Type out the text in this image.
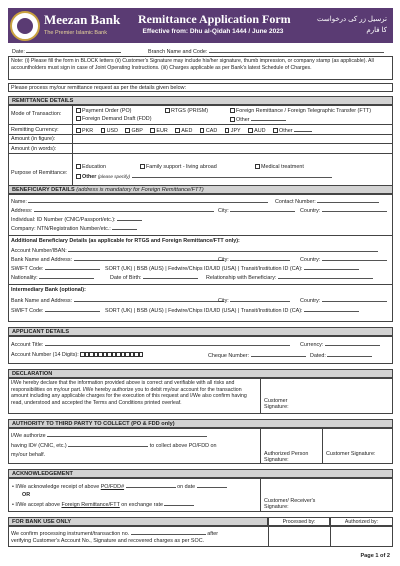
Meezan Bank
The Premier Islamic Bank
Remittance Application Form
Effective from: Dhu al-Qidah 1444 / June 2023
ترسیل زر کی درخواست
کا فارم
Date:	Branch Name and Code:
Note: (i) Please fill the form in BLOCK letters (ii) Customer's Signature may include his/her signature, thumb impression, or company stamp (as applicable). All accountholders must sign in case of Joint Operating Instructions. (iii) Charges applicable as per Bank's latest Schedule of Charges.
Please process my/our remittance request as per the details given below:
REMITTANCE DETAILS
Mode of Transaction:	Payment Order (PO)	RTGS (PRISM)	Foreign Remittance / Foreign Telegraphic Transfer (FTT)
Foreign Demand Draft (FDD)	Other
Remitting Currency:	PKR	USD	GBP	EUR	AED	CAD	JPY	AUD	Other
Amount (in figure):
Amount (in words):
Purpose of Remittance:
Education	Family support - living abroad	Medical treatment
Other (please specify)
BENEFICIARY DETAILS (address is mandatory for Foreign Remittance/FTT)
Name:	Contact Number:
Address:	City:	Country:
Individual: ID Number (CNIC/Passport/etc.):
Company: NTN/Registration Number/etc.:
Additional Beneficiary Details (as applicable for RTGS and Foreign Remittance/FTT only):
Account Number/IBAN:
Bank Name and Address:	City:	Country:
SWIFT Code:	SORT (UK) | BSB (AUS) | Fedwire/Chips ID/UID (USA) | Transit/Institution ID (CA):
Nationality:	Date of Birth:	Relationship with Beneficiary:
Intermediary Bank (optional):
Bank Name and Address:	City:	Country:
SWIFT Code:	SORT (UK) | BSB (AUS) | Fedwire/Chips ID/UID (USA) | Transit/Institution ID (CA):
APPLICANT DETAILS
Account Title:	Currency:
Account Number (14 Digits):	Cheque Number:	Dated:
DECLARATION
I/We hereby declare that the information provided above is correct and verifiable with all risks and responsibilities on my/our part. I/We hereby authorize you to debit my/our account for the transaction amount including any applicable charges for the execution of this request and I/We also confirm having read, understood and accepted the Terms and Conditions printed overleaf.	Customer Signature:
AUTHORITY TO THIRD PARTY TO COLLECT (PO & FDD only)
I/We authorize
having ID# (CNIC, etc.)	to collect above PO/FDD on
my/our behalf.	Authorized Person Signature:
Customer Signature:
ACKNOWLEDGEMENT
• I/We acknowledge receipt of above PO/FDD#	on date
OR
• I/We accept above Foreign Remittance/FTT on exchange rate
Customer/ Receiver's Signature:
FOR BANK USE ONLY	Processed by:	Authorized by:
We confirm processing instrument/transaction no.	after
verifying Customer's Account No., Signature and recovered charges as per SOC.
Page 1 of 2
